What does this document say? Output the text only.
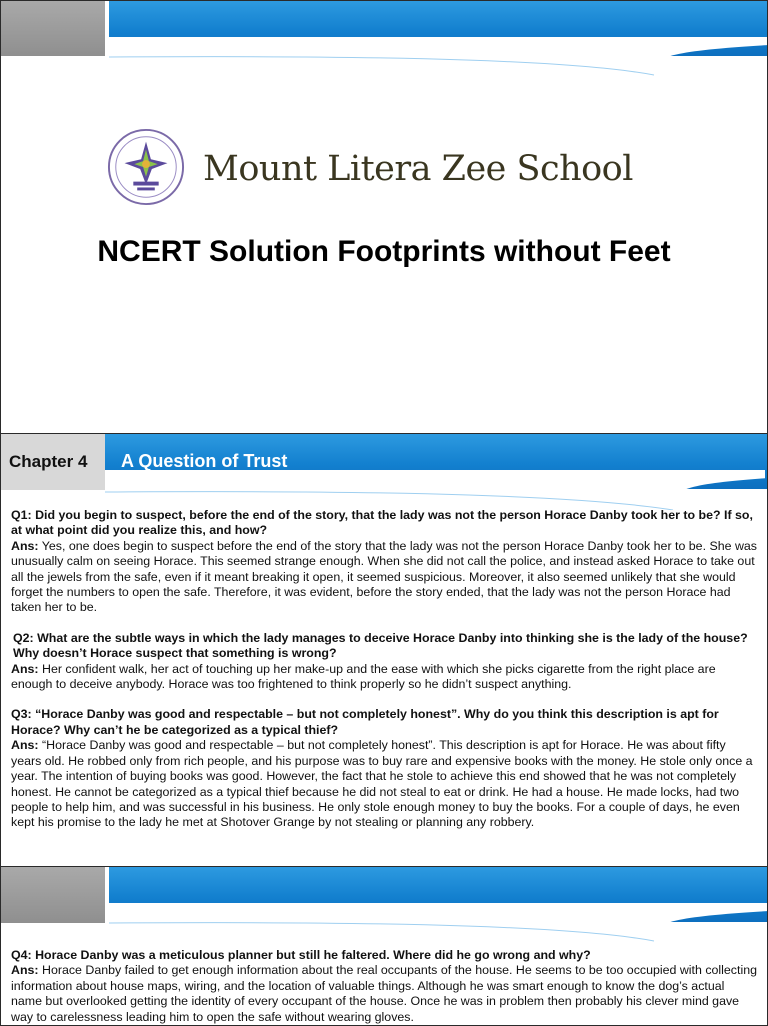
Mount Litera Zee School
NCERT Solution Footprints without Feet
Chapter 4	A Question of Trust

Q1: Did you begin to suspect, before the end of the story, that the lady was not the person Horace Danby took her to be? If so, at what point did you realize this, and how?

Ans: Yes, one does begin to suspect before the end of the story that the lady was not the person Horace Danby took her to be. She was unusually calm on seeing Horace. This seemed strange enough. When she did not call the police, and instead asked Horace to take out all the jewels from the safe, even if it meant breaking it open, it seemed suspicious. Moreover, it also seemed unlikely that she would forget the numbers to open the safe. Therefore, it was evident, before the story ended, that the lady was not the person Horace had taken her to be.

Q2: What are the subtle ways in which the lady manages to deceive Horace Danby into thinking she is the lady of the house? Why doesn’t Horace suspect that something is wrong?

Ans: Her confident walk, her act of touching up her make-up and the ease with which she picks cigarette from the right place are enough to deceive anybody. Horace was too frightened to think properly so he didn’t suspect anything.

Q3: “Horace Danby was good and respectable – but not completely honest”. Why do you think this description is apt for Horace? Why can’t he be categorized as a typical thief?

Ans: “Horace Danby was good and respectable – but not completely honest”. This description is apt for Horace. He was about fifty years old. He robbed only from rich people, and his purpose was to buy rare and expensive books with the money. He stole only once a year. The intention of buying books was good. However, the fact that he stole to achieve this end showed that he was not completely honest. He cannot be categorized as a typical thief because he did not steal to eat or drink. He had a house. He made locks, had two people to help him, and was successful in his business. He only stole enough money to buy the books. For a couple of days, he even kept his promise to the lady he met at Shotover Grange by not stealing or planning any robbery.

Q4: Horace Danby was a meticulous planner but still he faltered. Where did he go wrong and why?

Ans: Horace Danby failed to get enough information about the real occupants of the house. He seems to be too occupied with collecting information about house maps, wiring, and the location of valuable things. Although he was smart enough to know the dog’s actual name but overlooked getting the identity of every occupant of the house. Once he was in problem then probably his clever mind gave way to carelessness leading him to open the safe without wearing gloves.
